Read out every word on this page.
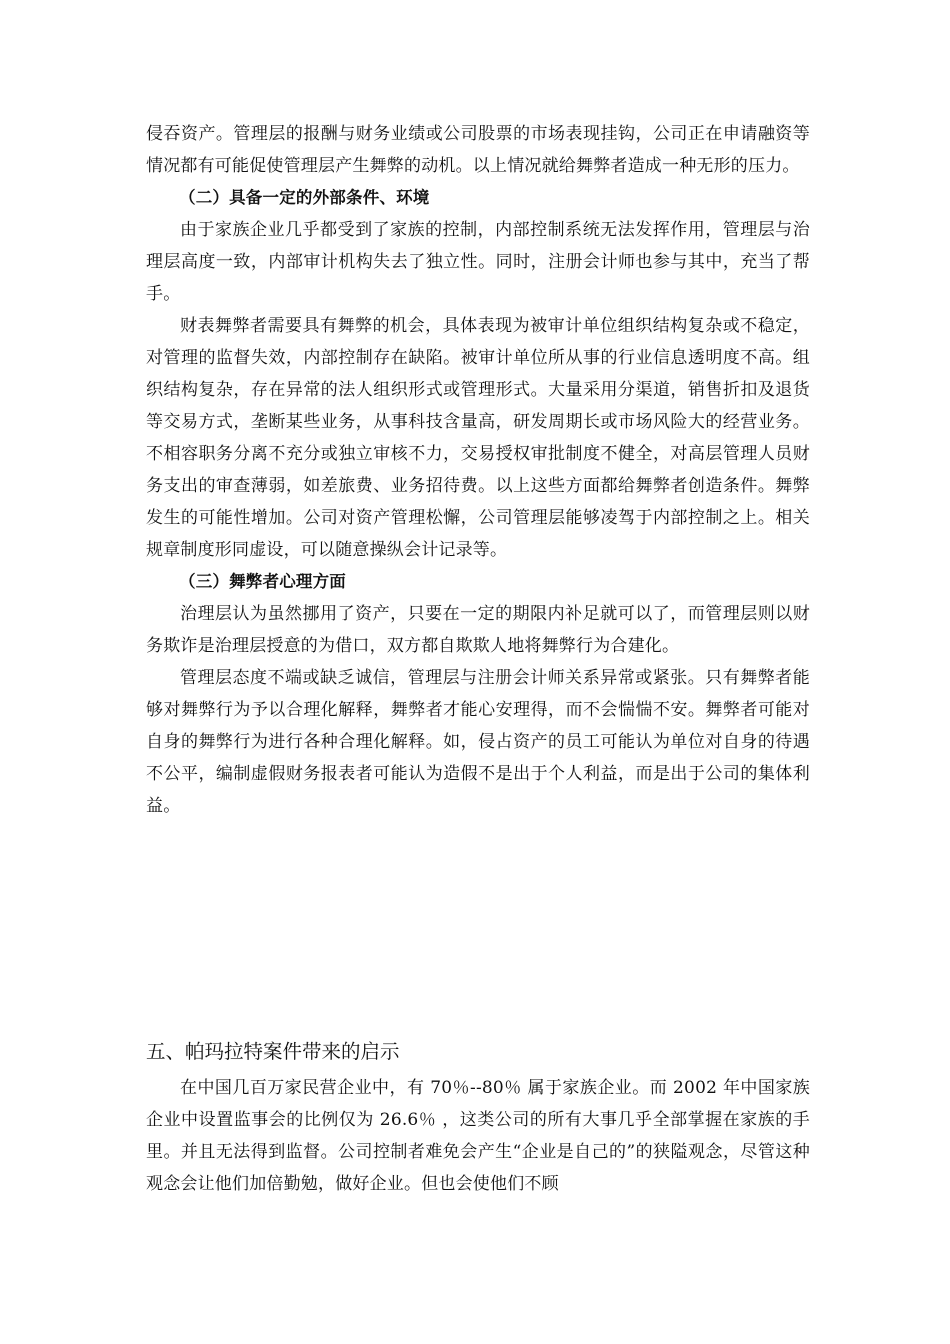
侵吞资产。管理层的报酬与财务业绩或公司股票的市场表现挂钩，公司正在申请融资等情况都有可能促使管理层产生舞弊的动机。以上情况就给舞弊者造成一种无形的压力。

（二）具备一定的外部条件、环境

由于家族企业几乎都受到了家族的控制，内部控制系统无法发挥作用，管理层与治理层高度一致，内部审计机构失去了独立性。同时，注册会计师也参与其中，充当了帮手。

财表舞弊者需要具有舞弊的机会，具体表现为被审计单位组织结构复杂或不稳定，对管理的监督失效，内部控制存在缺陷。被审计单位所从事的行业信息透明度不高。组织结构复杂，存在异常的法人组织形式或管理形式。大量采用分渠道，销售折扣及退货等交易方式，垄断某些业务，从事科技含量高，研发周期长或市场风险大的经营业务。不相容职务分离不充分或独立审核不力，交易授权审批制度不健全，对高层管理人员财务支出的审查薄弱，如差旅费、业务招待费。以上这些方面都给舞弊者创造条件。舞弊发生的可能性增加。公司对资产管理松懈，公司管理层能够凌驾于内部控制之上。相关规章制度形同虚设，可以随意操纵会计记录等。

（三）舞弊者心理方面

治理层认为虽然挪用了资产，只要在一定的期限内补足就可以了，而管理层则以财务欺诈是治理层授意的为借口，双方都自欺欺人地将舞弊行为合建化。

管理层态度不端或缺乏诚信，管理层与注册会计师关系异常或紧张。只有舞弊者能够对舞弊行为予以合理化解释，舞弊者才能心安理得，而不会惴惴不安。舞弊者可能对自身的舞弊行为进行各种合理化解释。如，侵占资产的员工可能认为单位对自身的待遇不公平，编制虚假财务报表者可能认为造假不是出于个人利益，而是出于公司的集体利益。

五、帕玛拉特案件带来的启示

在中国几百万家民营企业中，有 70％--80％ 属于家族企业。而 2002 年中国家族企业中设置监事会的比例仅为 26.6％ ，这类公司的所有大事几乎全部掌握在家族的手里。并且无法得到监督。公司控制者难免会产生“企业是自己的”的狭隘观念，尽管这种观念会让他们加倍勤勉，做好企业。但也会使他们不顾
